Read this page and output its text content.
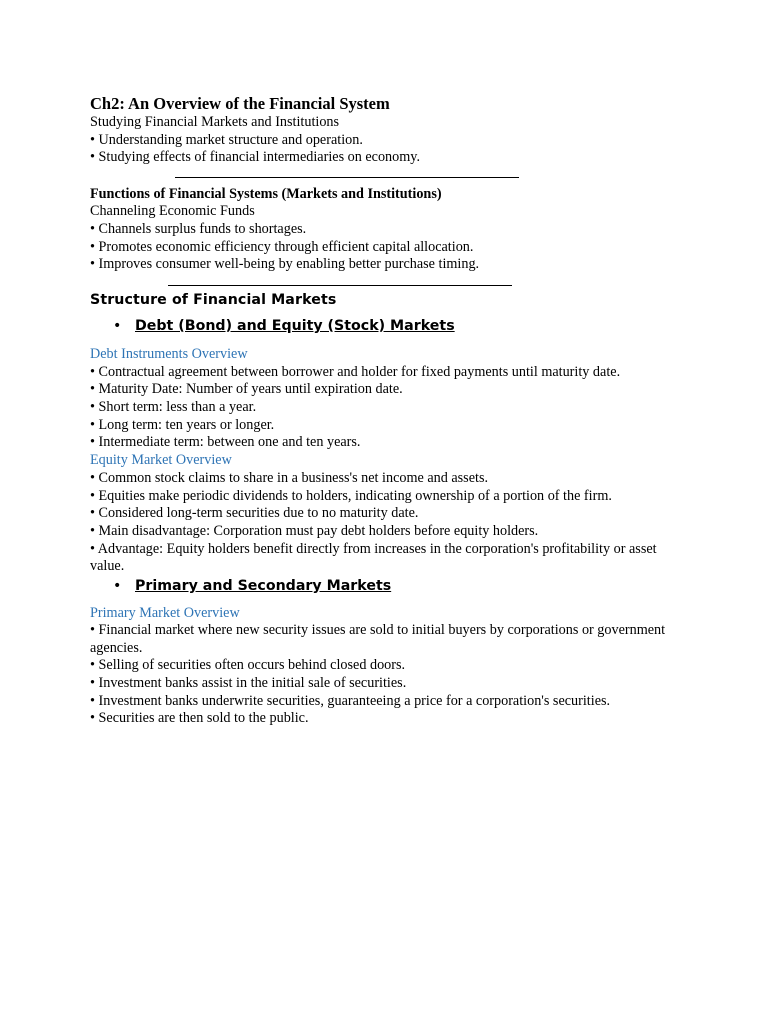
Ch2: An Overview of the Financial System
Studying Financial Markets and Institutions
• Understanding market structure and operation.
• Studying effects of financial intermediaries on economy.
Functions of Financial Systems (Markets and Institutions)
Channeling Economic Funds
• Channels surplus funds to shortages.
• Promotes economic efficiency through efficient capital allocation.
• Improves consumer well-being by enabling better purchase timing.
Structure of Financial Markets
• Debt (Bond) and Equity (Stock) Markets
Debt Instruments Overview
• Contractual agreement between borrower and holder for fixed payments until maturity date.
• Maturity Date: Number of years until expiration date.
• Short term: less than a year.
• Long term: ten years or longer.
• Intermediate term: between one and ten years.
Equity Market Overview
• Common stock claims to share in a business's net income and assets.
• Equities make periodic dividends to holders, indicating ownership of a portion of the firm.
• Considered long-term securities due to no maturity date.
• Main disadvantage: Corporation must pay debt holders before equity holders.
• Advantage: Equity holders benefit directly from increases in the corporation's profitability or asset value.
• Primary and Secondary Markets
Primary Market Overview
• Financial market where new security issues are sold to initial buyers by corporations or government agencies.
• Selling of securities often occurs behind closed doors.
• Investment banks assist in the initial sale of securities.
• Investment banks underwrite securities, guaranteeing a price for a corporation's securities.
• Securities are then sold to the public.
